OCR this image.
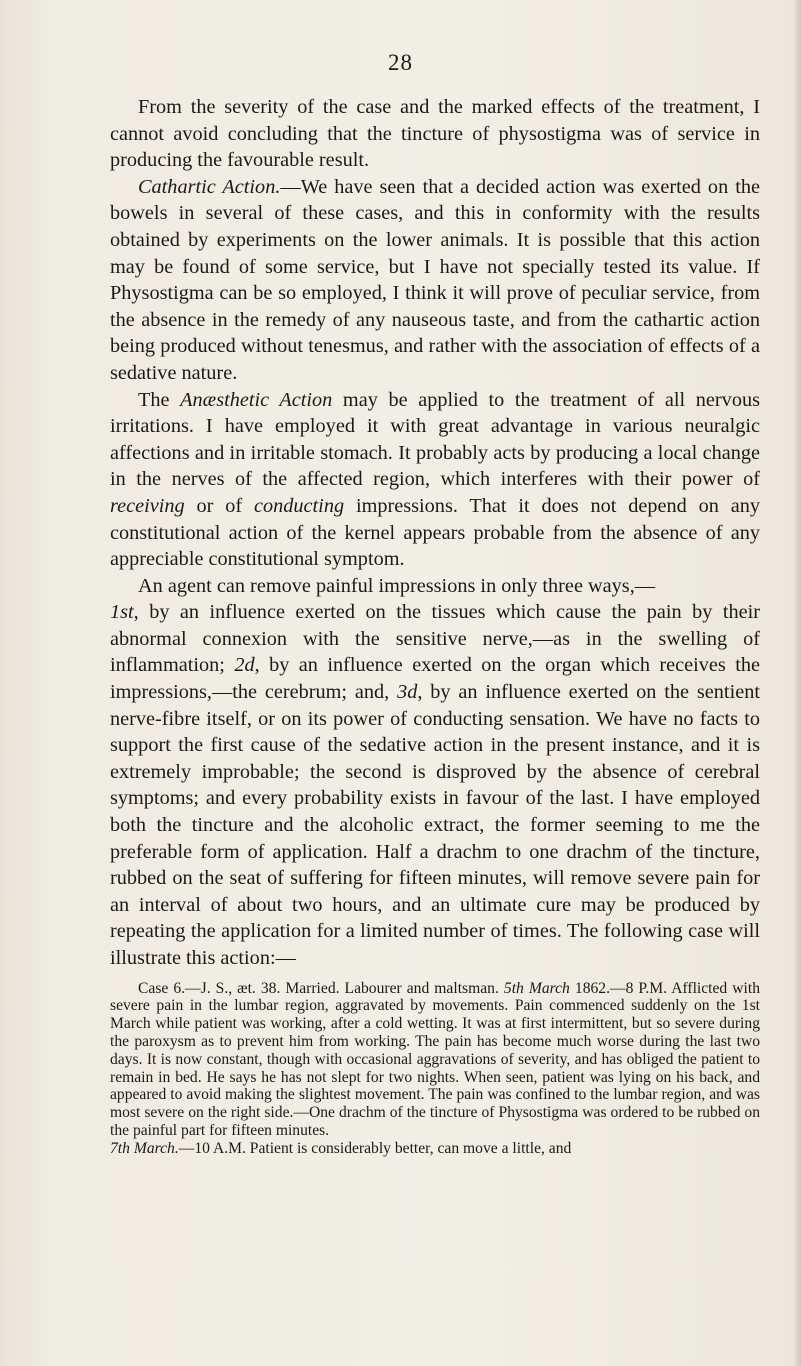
28

From the severity of the case and the marked effects of the treatment, I cannot avoid concluding that the tincture of physostigma was of service in producing the favourable result.

Cathartic Action.—We have seen that a decided action was exerted on the bowels in several of these cases, and this in conformity with the results obtained by experiments on the lower animals. It is possible that this action may be found of some service, but I have not specially tested its value. If Physostigma can be so employed, I think it will prove of peculiar service, from the absence in the remedy of any nauseous taste, and from the cathartic action being produced without tenesmus, and rather with the association of effects of a sedative nature.

The Anæsthetic Action may be applied to the treatment of all nervous irritations. I have employed it with great advantage in various neuralgic affections and in irritable stomach. It probably acts by producing a local change in the nerves of the affected region, which interferes with their power of receiving or of conducting impressions. That it does not depend on any constitutional action of the kernel appears probable from the absence of any appreciable constitutional symptom.

An agent can remove painful impressions in only three ways,—
1st, by an influence exerted on the tissues which cause the pain by their abnormal connexion with the sensitive nerve,—as in the swelling of inflammation; 2d, by an influence exerted on the organ which receives the impressions,—the cerebrum; and, 3d, by an influence exerted on the sentient nerve-fibre itself, or on its power of conducting sensation. We have no facts to support the first cause of the sedative action in the present instance, and it is extremely improbable; the second is disproved by the absence of cerebral symptoms; and every probability exists in favour of the last. I have employed both the tincture and the alcoholic extract, the former seeming to me the preferable form of application. Half a drachm to one drachm of the tincture, rubbed on the seat of suffering for fifteen minutes, will remove severe pain for an interval of about two hours, and an ultimate cure may be produced by repeating the application for a limited number of times. The following case will illustrate this action:—

Case 6.—J. S., æt. 38. Married. Labourer and maltsman. 5th March 1862.—8 P.M. Afflicted with severe pain in the lumbar region, aggravated by movements. Pain commenced suddenly on the 1st March while patient was working, after a cold wetting. It was at first intermittent, but so severe during the paroxysm as to prevent him from working. The pain has become much worse during the last two days. It is now constant, though with occasional aggravations of severity, and has obliged the patient to remain in bed. He says he has not slept for two nights. When seen, patient was lying on his back, and appeared to avoid making the slightest movement. The pain was confined to the lumbar region, and was most severe on the right side.—One drachm of the tincture of Physostigma was ordered to be rubbed on the painful part for fifteen minutes.

7th March.—10 A.M. Patient is considerably better, can move a little, and
